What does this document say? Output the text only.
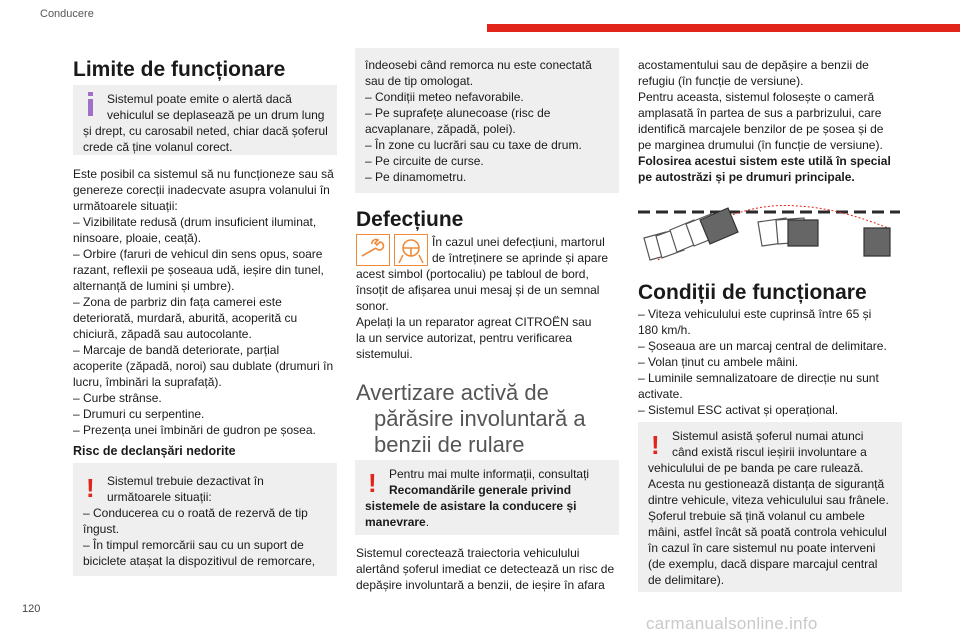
Conducere
Limite de funcționare
Sistemul poate emite o alertă dacă
vehiculul se deplasează pe un drum lung
și drept, cu carosabil neted, chiar dacă șoferul
crede că ține volanul corect.
Este posibil ca sistemul să nu funcționeze sau să
genereze corecții inadecvate asupra volanului în
următoarele situații:
– Vizibilitate redusă (drum insuficient iluminat,
ninsoare, ploaie, ceață).
– Orbire (faruri de vehicul din sens opus, soare
razant, reflexii pe șoseaua udă, ieșire din tunel,
alternanță de lumini și umbre).
– Zona de parbriz din fața camerei este
deteriorată, murdară, aburită, acoperită cu
chiciură, zăpadă sau autocolante.
– Marcaje de bandă deteriorate, parțial
acoperite (zăpadă, noroi) sau dublate (drumuri în
lucru, îmbinări la suprafață).
– Curbe strânse.
– Drumuri cu serpentine.
– Prezența unei îmbinări de gudron pe șosea.
Risc de declanșări nedorite
! Sistemul trebuie dezactivat în
următoarele situații:
– Conducerea cu o roată de rezervă de tip
îngust.
– În timpul remorcării sau cu un suport de
biciclete atașat la dispozitivul de remorcare,
îndeosebi când remorca nu este conectată
sau de tip omologat.
– Condiții meteo nefavorabile.
– Pe suprafețe alunecoase (risc de
acvaplanare, zăpadă, polei).
– În zone cu lucrări sau cu taxe de drum.
– Pe circuite de curse.
– Pe dinamometru.
Defecțiune
În cazul unei defecțiuni, martorul
de întreținere se aprinde și apare
acest simbol (portocaliu) pe tabloul de bord,
însoțit de afișarea unui mesaj și de un semnal
sonor.
Apelați la un reparator agreat CITROËN sau
la un service autorizat, pentru verificarea
sistemului.
Avertizare activă de
părăsire involuntară a
benzii de rulare
! Pentru mai multe informații, consultați
Recomandările generale privind
sistemele de asistare la conducere și
manevrare.
Sistemul corectează traiectoria vehiculului
alertând șoferul imediat ce detectează un risc de
depășire involuntară a benzii, de ieșire în afara
acostamentului sau de depășire a benzii de
refugiu (în funcție de versiune).
Pentru aceasta, sistemul folosește o cameră
amplasată în partea de sus a parbrizului, care
identifică marcajele benzilor de pe șosea și de
pe marginea drumului (în funcție de versiune).
Folosirea acestui sistem este utilă în special
pe autostrăzi și pe drumuri principale.
Condiții de funcționare
– Viteza vehiculului este cuprinsă între 65 și
180 km/h.
– Șoseaua are un marcaj central de delimitare.
– Volan ținut cu ambele mâini.
– Luminile semnalizatoare de direcție nu sunt
activate.
– Sistemul ESC activat și operațional.
! Sistemul asistă șoferul numai atunci
când există riscul ieșirii involuntare a
vehiculului de pe banda pe care rulează.
Acesta nu gestionează distanța de siguranță
dintre vehicule, viteza vehiculului sau frânele.
Șoferul trebuie să țină volanul cu ambele
mâini, astfel încât să poată controla vehiculul
în cazul în care sistemul nu poate interveni
(de exemplu, dacă dispare marcajul central
de delimitare).
120
carmanualsonline.info
